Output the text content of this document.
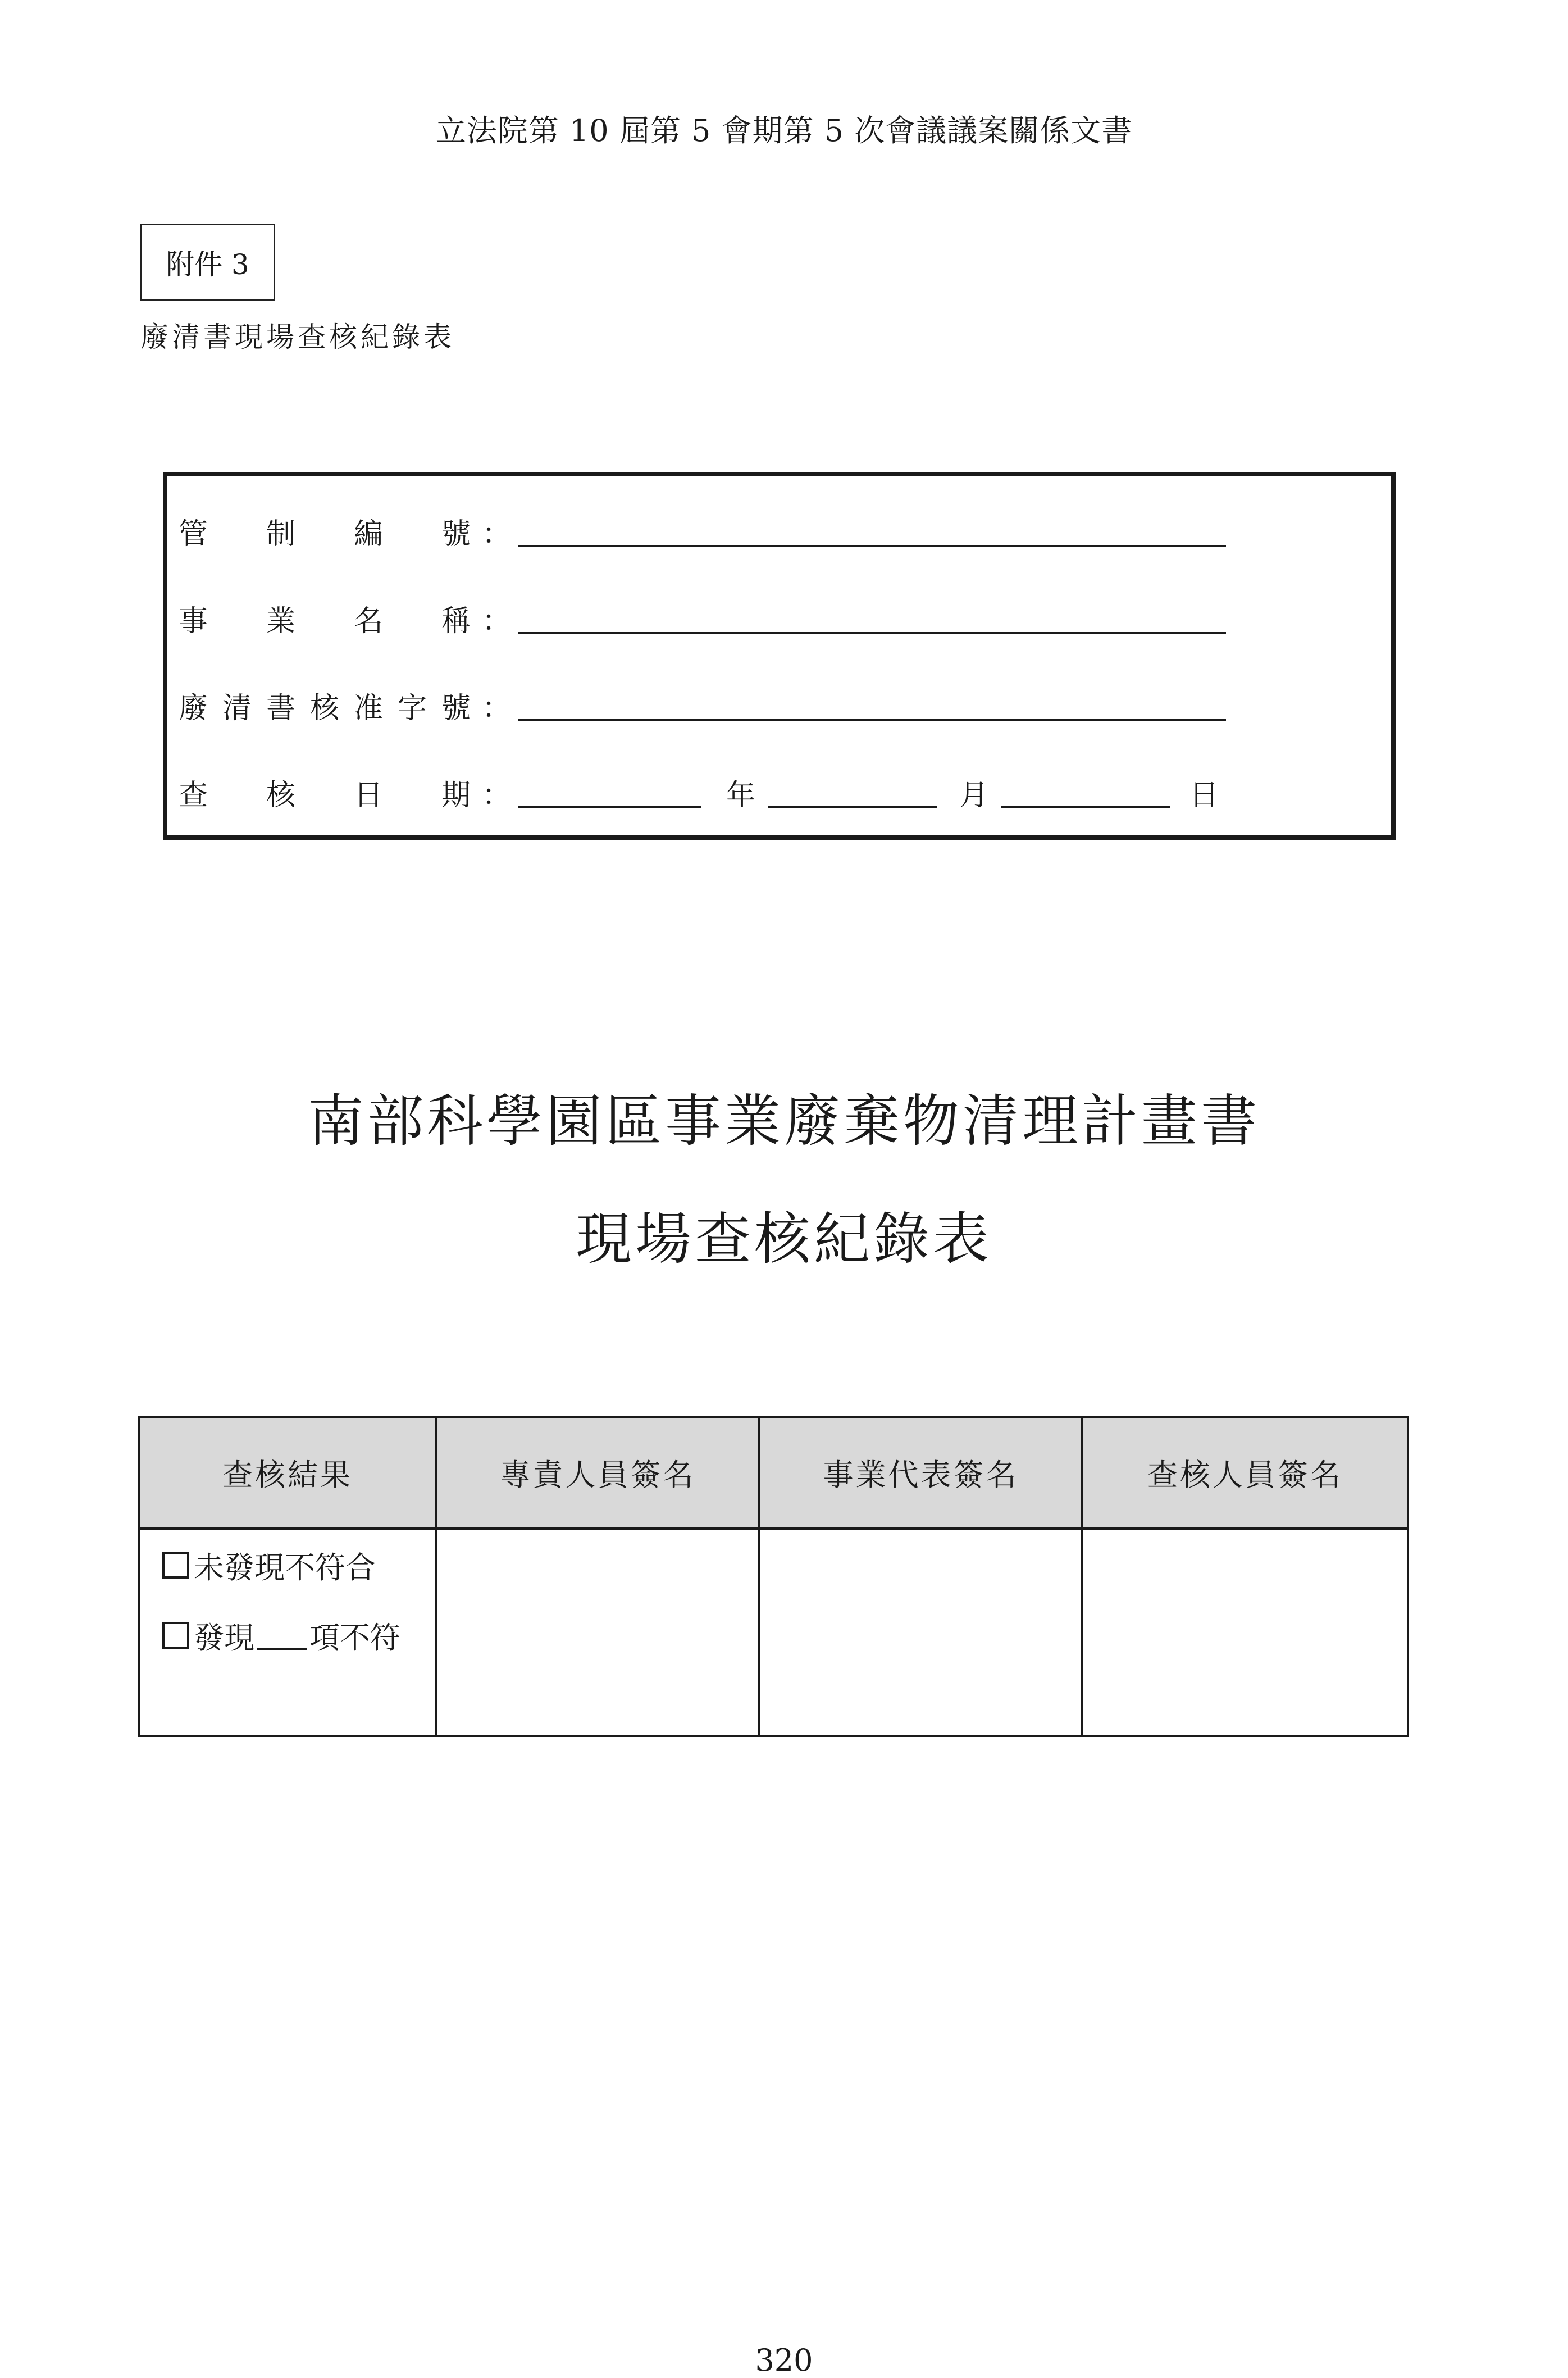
立法院第 10 屆第 5 會期第 5 次會議議案關係文書
附件 3
廢清書現場查核紀錄表
管 制 編 號 ：
事 業 名 稱 ：
廢 清 書 核 准 字 號 ：
查 核 日 期 ：	年	月	日
南部科學園區事業廢棄物清理計畫書
現場查核紀錄表
查核結果	專責人員簽名	事業代表簽名	查核人員簽名

未發現不符合
發現 項不符			

320
